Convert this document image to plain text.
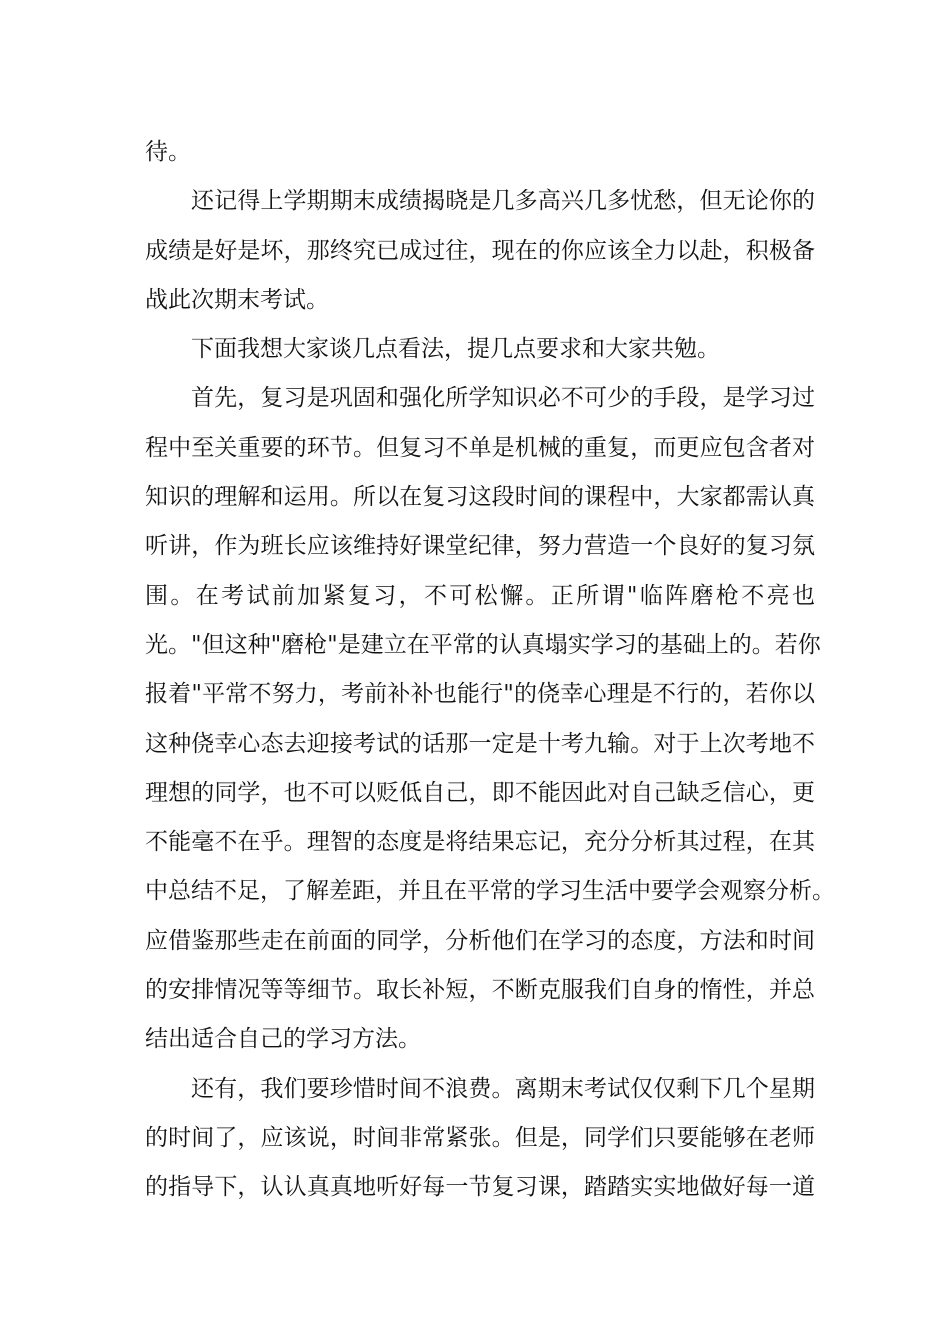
待。
还记得上学期期末成绩揭晓是几多高兴几多忧愁，但无论你的
成绩是好是坏，那终究已成过往，现在的你应该全力以赴，积极备
战此次期末考试。
下面我想大家谈几点看法，提几点要求和大家共勉。
首先，复习是巩固和强化所学知识必不可少的手段，是学习过
程中至关重要的环节。但复习不单是机械的重复，而更应包含者对
知识的理解和运用。所以在复习这段时间的课程中，大家都需认真
听讲，作为班长应该维持好课堂纪律，努力营造一个良好的复习氛
围。在考试前加紧复习，不可松懈。正所谓"临阵磨枪不亮也
光。"但这种"磨枪"是建立在平常的认真塌实学习的基础上的。若你
报着"平常不努力，考前补补也能行"的侥幸心理是不行的，若你以
这种侥幸心态去迎接考试的话那一定是十考九输。对于上次考地不
理想的同学，也不可以贬低自己，即不能因此对自己缺乏信心，更
不能毫不在乎。理智的态度是将结果忘记，充分分析其过程，在其
中总结不足，了解差距，并且在平常的学习生活中要学会观察分析。
应借鉴那些走在前面的同学，分析他们在学习的态度，方法和时间
的安排情况等等细节。取长补短，不断克服我们自身的惰性，并总
结出适合自己的学习方法。
还有，我们要珍惜时间不浪费。离期末考试仅仅剩下几个星期
的时间了，应该说，时间非常紧张。但是，同学们只要能够在老师
的指导下，认认真真地听好每一节复习课，踏踏实实地做好每一道
